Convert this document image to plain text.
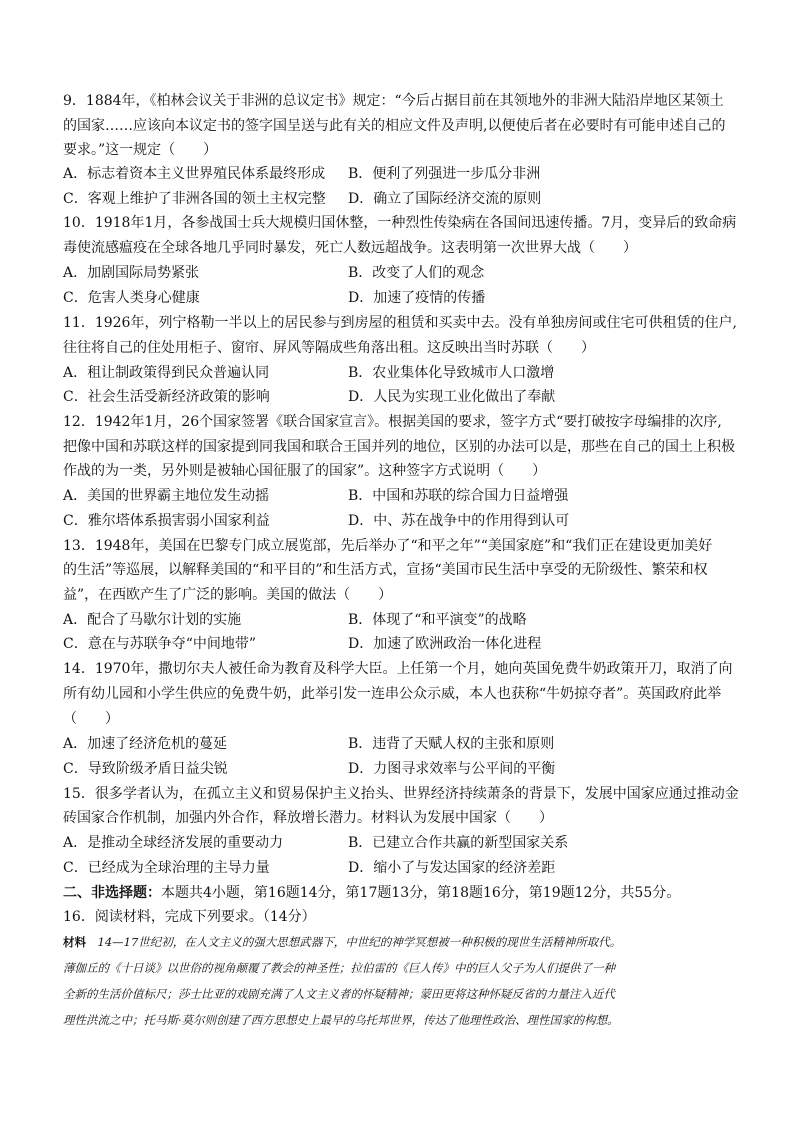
9．1884年，《柏林会议关于非洲的总议定书》规定：“今后占据目前在其领地外的非洲大陆沿岸地区某领土
的国家……应该向本议定书的签字国呈送与此有关的相应文件及声明,以便使后者在必要时有可能申述自己的
要求。”这一规定（　　）
A．标志着资本主义世界殖民体系最终形成 B．便利了列强进一步瓜分非洲
C．客观上维护了非洲各国的领土主权完整 D．确立了国际经济交流的原则
10．1918年1月，各参战国士兵大规模归国休整，一种烈性传染病在各国间迅速传播。7月，变异后的致命病
毒使流感瘟疫在全球各地几乎同时暴发，死亡人数远超战争。这表明第一次世界大战（　　）
A．加剧国际局势紧张	B．改变了人们的观念
C．危害人类身心健康	D．加速了疫情的传播
11．1926年，列宁格勒一半以上的居民参与到房屋的租赁和买卖中去。没有单独房间或住宅可供租赁的住户,
往往将自己的住处用柜子、窗帘、屏风等隔成些角落出租。这反映出当时苏联（　　）
A．租让制政策得到民众普遍认同	B．农业集体化导致城市人口激增
C．社会生活受新经济政策的影响	D．人民为实现工业化做出了奉献
12．1942年1月，26个国家签署《联合国家宣言》。根据美国的要求，签字方式“要打破按字母编排的次序,
把像中国和苏联这样的国家提到同我国和联合王国并列的地位，区别的办法可以是，那些在自己的国土上积极
作战的为一类，另外则是被轴心国征服了的国家”。这种签字方式说明（　　）
A．美国的世界霸主地位发生动摇	B．中国和苏联的综合国力日益增强
C．雅尔塔体系损害弱小国家利益	D．中、苏在战争中的作用得到认可
13．1948年，美国在巴黎专门成立展览部，先后举办了“和平之年”“美国家庭”和“我们正在建设更加美好
的生活”等巡展，以解释美国的“和平目的”和生活方式，宣扬“美国市民生活中享受的无阶级性、繁荣和权
益”，在西欧产生了广泛的影响。美国的做法（　　）
A．配合了马歇尔计划的实施	B．体现了“和平演变”的战略
C．意在与苏联争夺“中间地带”	D．加速了欧洲政治一体化进程
14．1970年，撒切尔夫人被任命为教育及科学大臣。上任第一个月，她向英国免费牛奶政策开刀，取消了向
所有幼儿园和小学生供应的免费牛奶，此举引发一连串公众示威，本人也获称“牛奶掠夺者”。英国政府此举
（　　）
A．加速了经济危机的蔓延	B．违背了天赋人权的主张和原则
C．导致阶级矛盾日益尖锐	D．力图寻求效率与公平间的平衡
15．很多学者认为，在孤立主义和贸易保护主义抬头、世界经济持续萧条的背景下，发展中国家应通过推动金
砖国家合作机制，加强内外合作，释放增长潜力。材料认为发展中国家（　　）
A．是推动全球经济发展的重要动力	B．已建立合作共赢的新型国家关系
C．已经成为全球治理的主导力量	D．缩小了与发达国家的经济差距
二、非选择题：本题共4小题，第16题14分，第17题13分，第18题16分，第19题12分，共55分。
16．阅读材料，完成下列要求。（14分）
材料　14—17世纪初，在人文主义的强大思想武器下，中世纪的神学冥想被一种积极的现世生活精神所取代。
薄伽丘的《十日谈》以世俗的视角颠覆了教会的神圣性；拉伯雷的《巨人传》中的巨人父子为人们提供了一种
全新的生活价值标尺；莎士比亚的戏剧充满了人文主义者的怀疑精神；蒙田更将这种怀疑反省的力量注入近代
理性洪流之中；托马斯·莫尔则创建了西方思想史上最早的乌托邦世界，传达了他理性政治、理性国家的构想。
